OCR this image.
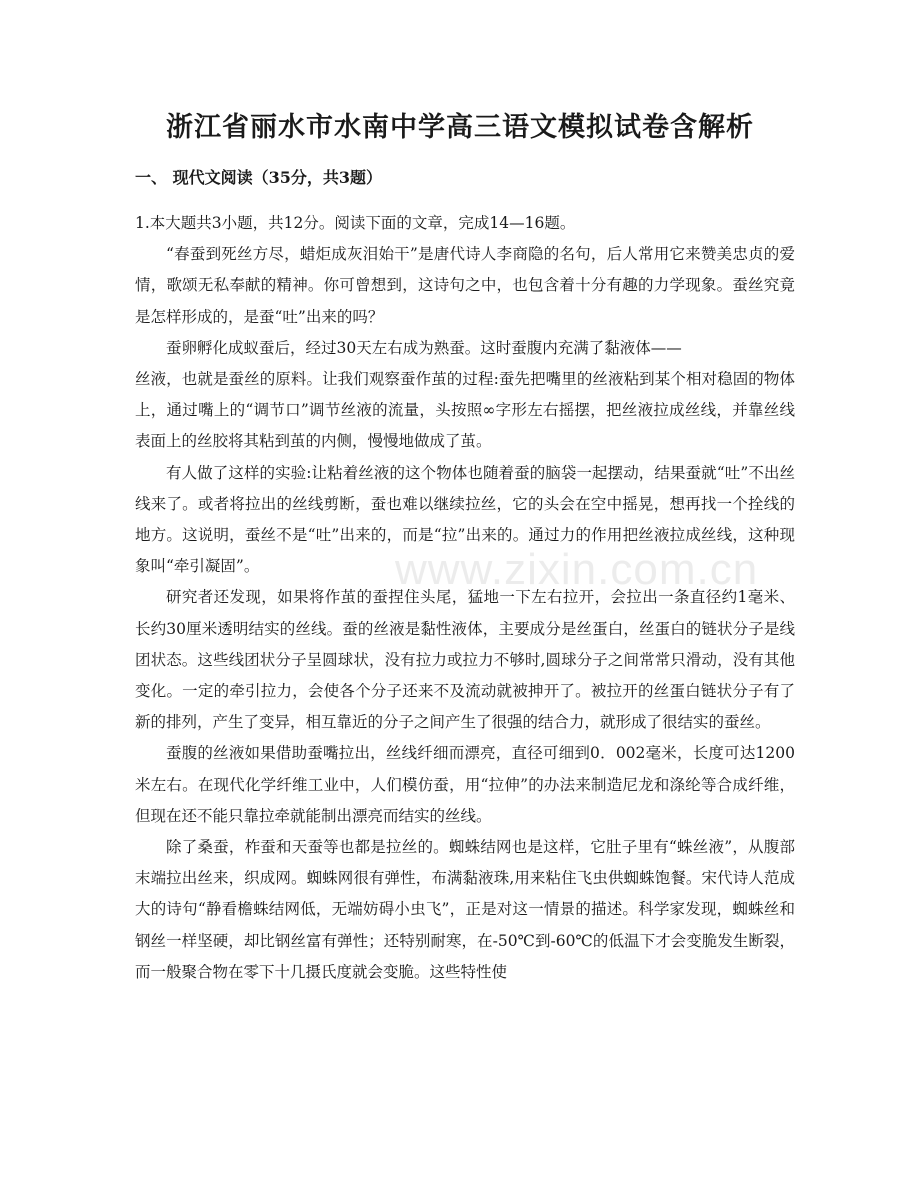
www.zixin.com.cn
浙江省丽水市水南中学高三语文模拟试卷含解析
一、 现代文阅读（35分，共3题）

1.本大题共3小题，共12分。阅读下面的文章，完成14—16题。

“春蚕到死丝方尽，蜡炬成灰泪始干”是唐代诗人李商隐的名句，后人常用它来赞美忠贞的爱情，歌颂无私奉献的精神。你可曾想到，这诗句之中，也包含着十分有趣的力学现象。蚕丝究竟是怎样形成的，是蚕“吐”出来的吗？

蚕卵孵化成蚁蚕后，经过30天左右成为熟蚕。这时蚕腹内充满了黏液体——

丝液，也就是蚕丝的原料。让我们观察蚕作茧的过程:蚕先把嘴里的丝液粘到某个相对稳固的物体上，通过嘴上的“调节口”调节丝液的流量，头按照∞字形左右摇摆，把丝液拉成丝线，并靠丝线表面上的丝胶将其粘到茧的内侧，慢慢地做成了茧。

有人做了这样的实验:让粘着丝液的这个物体也随着蚕的脑袋一起摆动，结果蚕就“吐”不出丝线来了。或者将拉出的丝线剪断，蚕也难以继续拉丝，它的头会在空中摇晃，想再找一个拴线的地方。这说明，蚕丝不是“吐”出来的，而是“拉”出来的。通过力的作用把丝液拉成丝线，这种现象叫“牵引凝固”。

研究者还发现，如果将作茧的蚕捏住头尾，猛地一下左右拉开，会拉出一条直径约1毫米、长约30厘米透明结实的丝线。蚕的丝液是黏性液体，主要成分是丝蛋白，丝蛋白的链状分子是线团状态。这些线团状分子呈圆球状，没有拉力或拉力不够时,圆球分子之间常常只滑动，没有其他变化。一定的牵引拉力，会使各个分子还来不及流动就被抻开了。被拉开的丝蛋白链状分子有了新的排列，产生了变异，相互靠近的分子之间产生了很强的结合力，就形成了很结实的蚕丝。

蚕腹的丝液如果借助蚕嘴拉出，丝线纤细而漂亮，直径可细到0．002毫米，长度可达1200米左右。在现代化学纤维工业中，人们模仿蚕，用“拉伸”的办法来制造尼龙和涤纶等合成纤维，但现在还不能只靠拉牵就能制出漂亮而结实的丝线。

除了桑蚕，柞蚕和天蚕等也都是拉丝的。蜘蛛结网也是这样，它肚子里有“蛛丝液”，从腹部末端拉出丝来，织成网。蜘蛛网很有弹性，布满黏液珠,用来粘住飞虫供蜘蛛饱餐。宋代诗人范成大的诗句“静看檐蛛结网低，无端妨碍小虫飞”，正是对这一情景的描述。科学家发现，蜘蛛丝和钢丝一样坚硬，却比钢丝富有弹性；还特别耐寒，在-50℃到-60℃的低温下才会变脆发生断裂，而一般聚合物在零下十几摄氏度就会变脆。这些特性使
